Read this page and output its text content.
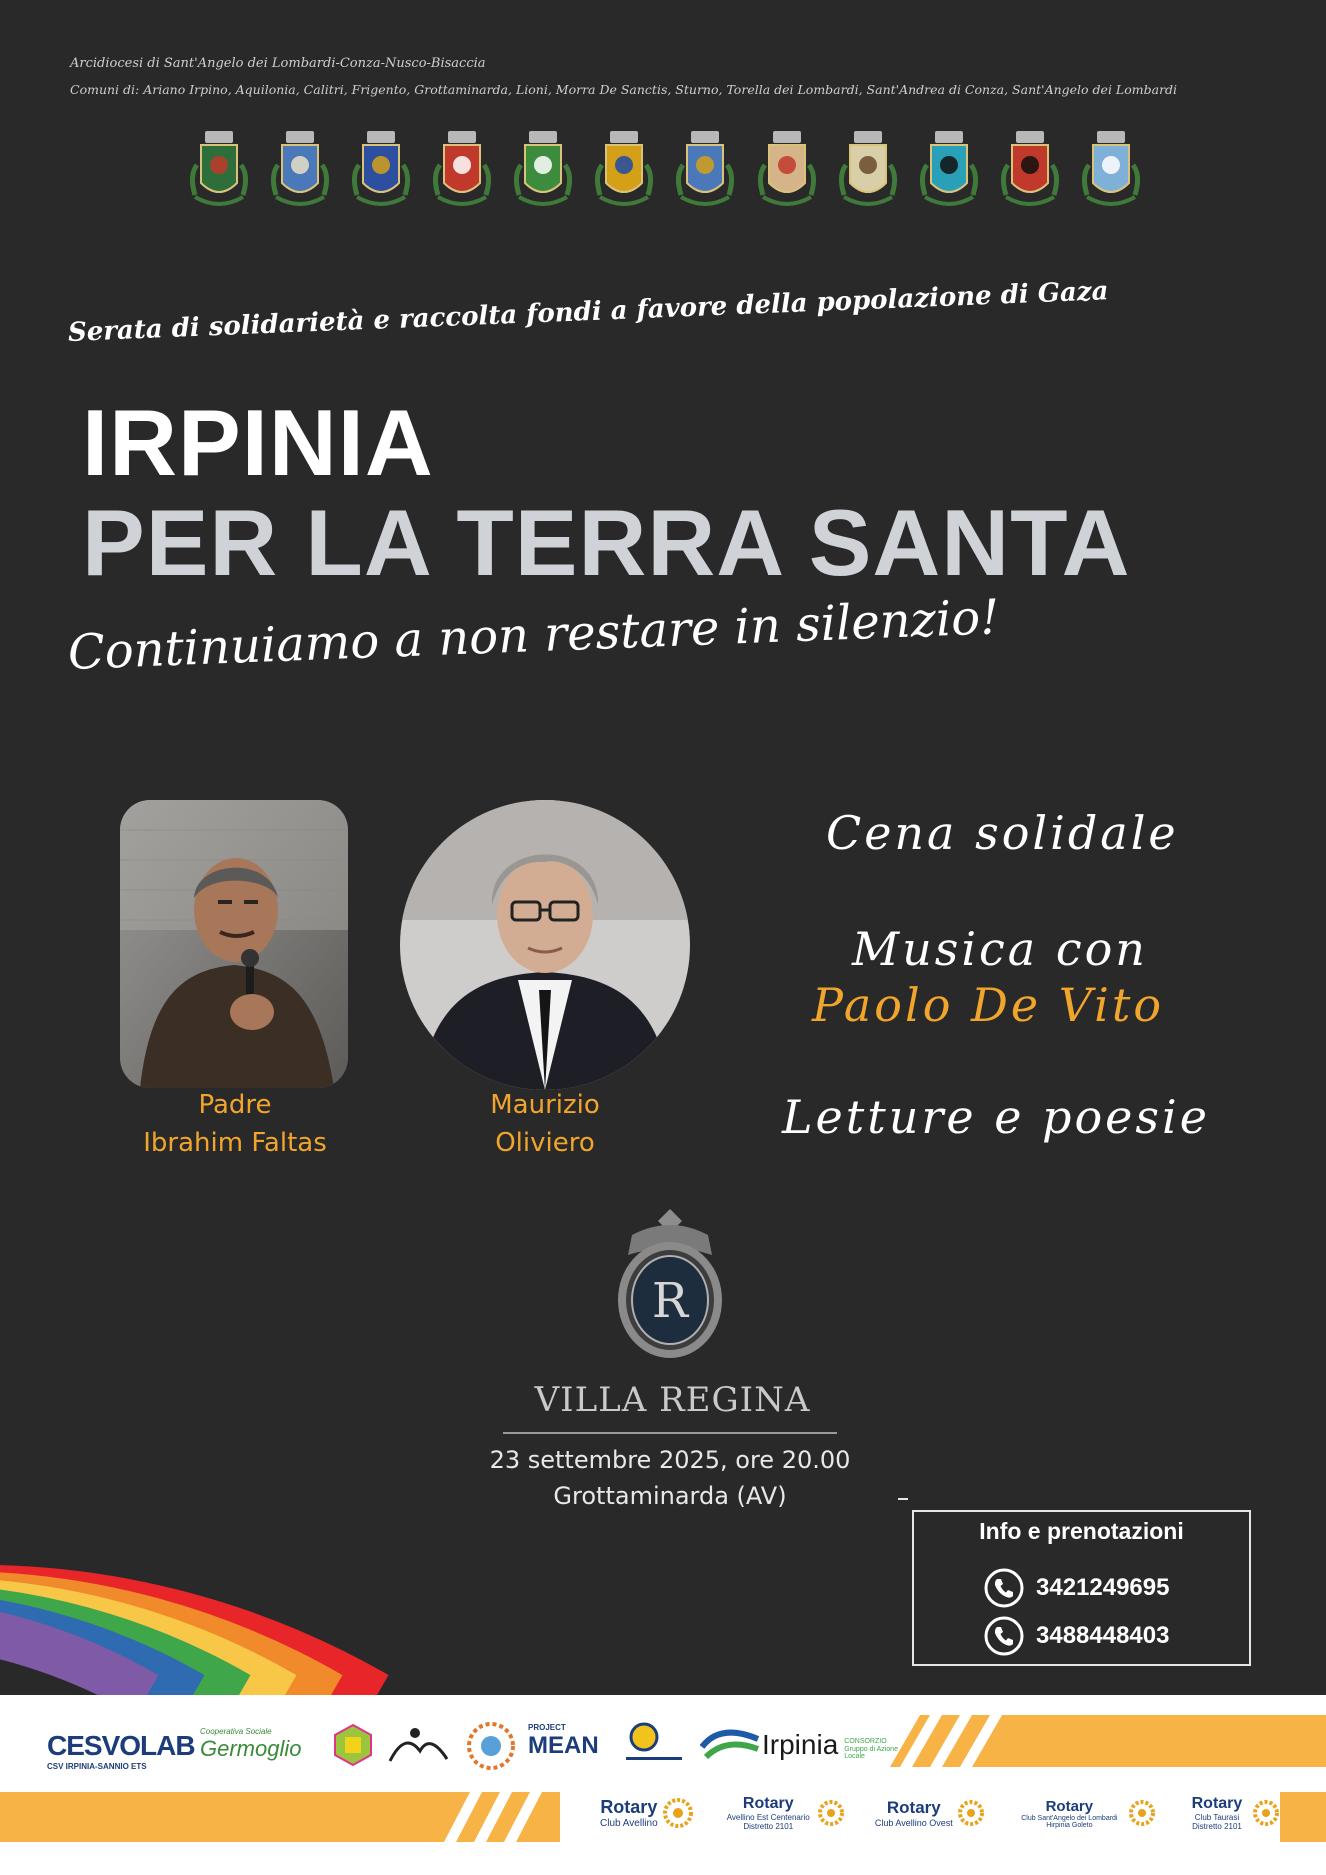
Arcidiocesi di Sant'Angelo dei Lombardi-Conza-Nusco-Bisaccia
Comuni di: Ariano Irpino, Aquilonia, Calitri, Frigento, Grottaminarda, Lioni, Morra De Sanctis, Sturno, Torella dei Lombardi, Sant'Andrea di Conza, Sant'Angelo dei Lombardi
Serata di solidarietà e raccolta fondi a favore della popolazione di Gaza
IRPINIA
PER LA TERRA SANTA
Continuiamo a non restare in silenzio!
Padre
Ibrahim Faltas
Maurizio
Oliviero
Cena solidale
Musica con
Paolo De Vito
Letture e poesie
R
VILLA REGINA
23 settembre 2025, ore 20.00
Grottaminarda (AV)
Info e prenotazioni
3421249695
3488448403
CESVOLAB
CSV IRPINIA-SANNIO ETS
Cooperativa Sociale
Germoglio
PROJECT
MEAN	Irpinia CONSORZIO Gruppo di Azione Locale
Rotary
Club Avellino
Rotary
Avellino Est Centenario Distretto 2101
Rotary
Club Avellino Ovest
Rotary
Club Sant'Angelo dei Lombardi Hirpinia Goleto
Rotary
Club Taurasi Distretto 2101
